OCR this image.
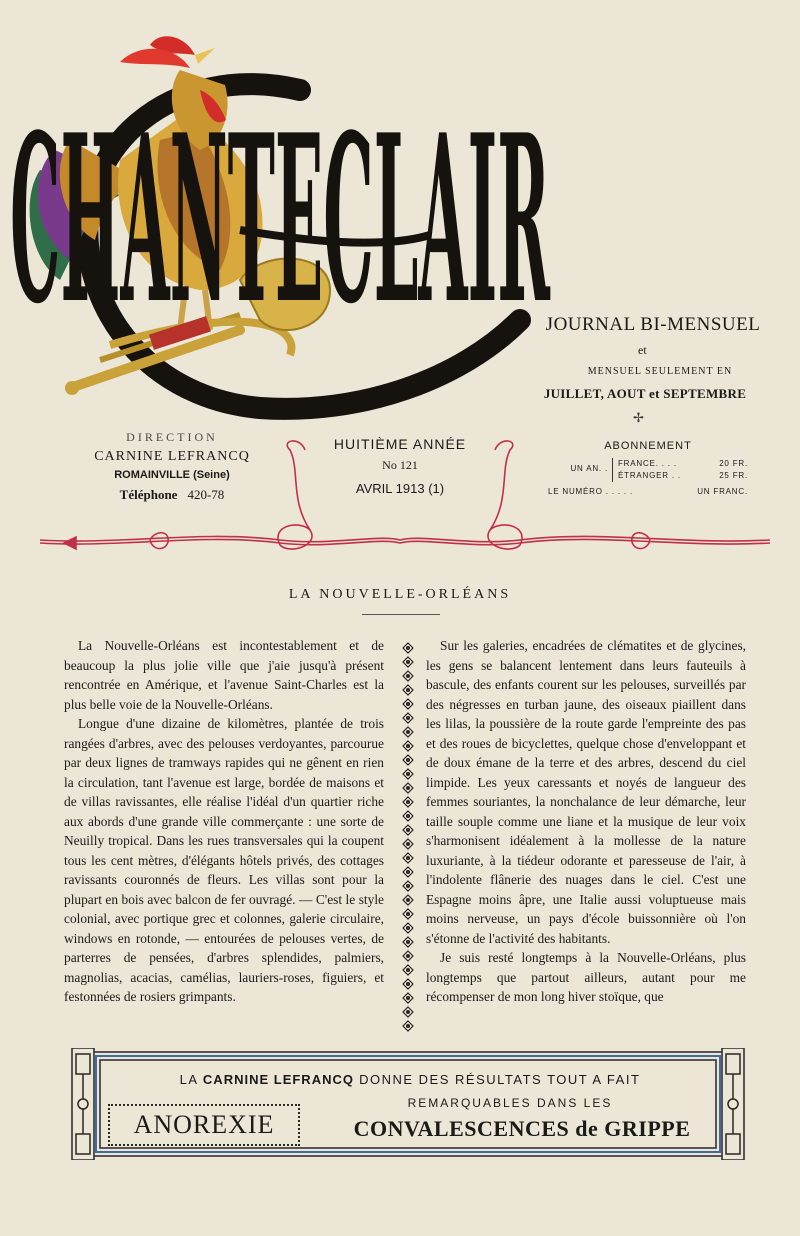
CHANTECLAIR
JOURNAL BI-MENSUEL
et
MENSUEL SEULEMENT EN
JUILLET, AOUT et SEPTEMBRE
✢
DIRECTION
CARNINE LEFRANCQ
ROMAINVILLE (Seine)
Téléphone 420-78
HUITIÈME ANNÉE
No 121
AVRIL 1913 (1)
ABONNEMENT
UN AN. .
FRANCE. . . .	20 FR.
ÉTRANGER . .	25 FR.
LE NUMÉRO . . . . .	UN FRANC.
LA NOUVELLE-ORLÉANS

La Nouvelle-Orléans est incontestablement et de beaucoup la plus jolie ville que j'aie jusqu'à présent rencontrée en Amérique, et l'avenue Saint-Charles est la plus belle voie de la Nouvelle-Orléans.

Longue d'une dizaine de kilomètres, plantée de trois rangées d'arbres, avec des pelouses verdoyantes, parcourue par deux lignes de tramways rapides qui ne gênent en rien la circulation, tant l'avenue est large, bordée de maisons et de villas ravissantes, elle réalise l'idéal d'un quartier riche aux abords d'une grande ville commerçante : une sorte de Neuilly tropical. Dans les rues transversales qui la coupent tous les cent mètres, d'élégants hôtels privés, des cottages ravissants couronnés de fleurs. Les villas sont pour la plupart en bois avec balcon de fer ouvragé. — C'est le style colonial, avec portique grec et colonnes, galerie circulaire, windows en rotonde, — entourées de pelouses vertes, de parterres de pensées, d'arbres splendides, palmiers, magnolias, acacias, camélias, lauriers-roses, figuiers, et festonnées de rosiers grimpants.

Sur les galeries, encadrées de clématites et de glycines, les gens se balancent lentement dans leurs fauteuils à bascule, des enfants courent sur les pelouses, surveillés par des négresses en turban jaune, des oiseaux piaillent dans les lilas, la poussière de la route garde l'empreinte des pas et des roues de bicyclettes, quelque chose d'enveloppant et de doux émane de la terre et des arbres, descend du ciel limpide. Les yeux caressants et noyés de langueur des femmes souriantes, la nonchalance de leur démarche, leur taille souple comme une liane et la musique de leur voix s'harmonisent idéalement à la mollesse de la nature luxuriante, à la tiédeur odorante et paresseuse de l'air, à l'indolente flânerie des nuages dans le ciel. C'est une Espagne moins âpre, une Italie aussi voluptueuse mais moins nerveuse, un pays d'école buissonnière où l'on s'étonne de l'activité des habitants.

Je suis resté longtemps à la Nouvelle-Orléans, plus longtemps que partout ailleurs, autant pour me récompenser de mon long hiver stoïque, que

LA CARNINE LEFRANCQ DONNE DES RÉSULTATS TOUT A FAIT
REMARQUABLES DANS LES
ANOREXIE	CONVALESCENCES de GRIPPE
